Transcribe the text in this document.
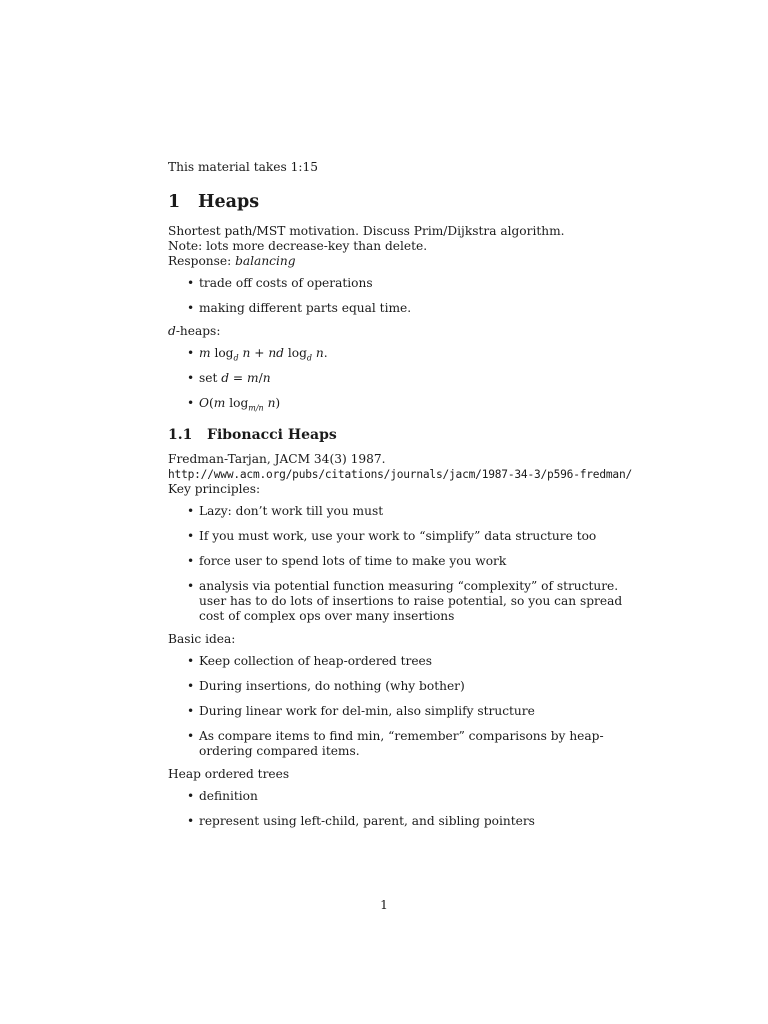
This material takes 1:15

1 Heaps

Shortest path/MST motivation. Discuss Prim/Dijkstra algorithm.

Note: lots more decrease-key than delete.

Response: balancing

• trade off costs of operations
• making different parts equal time.

d-heaps:

• m $\log_d n$ + nd $\log_d n$.
• set d = m/n
• O(m $\log_{m/n} n$)
1.1 Fibonacci Heaps

Fredman-Tarjan, JACM 34(3) 1987.

http://www.acm.org/pubs/citations/journals/jacm/1987-34-3/p596-fredman/

Key principles:

• Lazy: don’t work till you must
• If you must work, use your work to “simplify” data structure too
• force user to spend lots of time to make you work
• analysis via potential function measuring “complexity” of structure. user has to do lots of insertions to raise potential, so you can spread cost of complex ops over many insertions

Basic idea:

• Keep collection of heap-ordered trees
• During insertions, do nothing (why bother)
• During linear work for del-min, also simplify structure
• As compare items to find min, “remember” comparisons by heap-ordering compared items.

Heap ordered trees

• definition
• represent using left-child, parent, and sibling pointers
1
